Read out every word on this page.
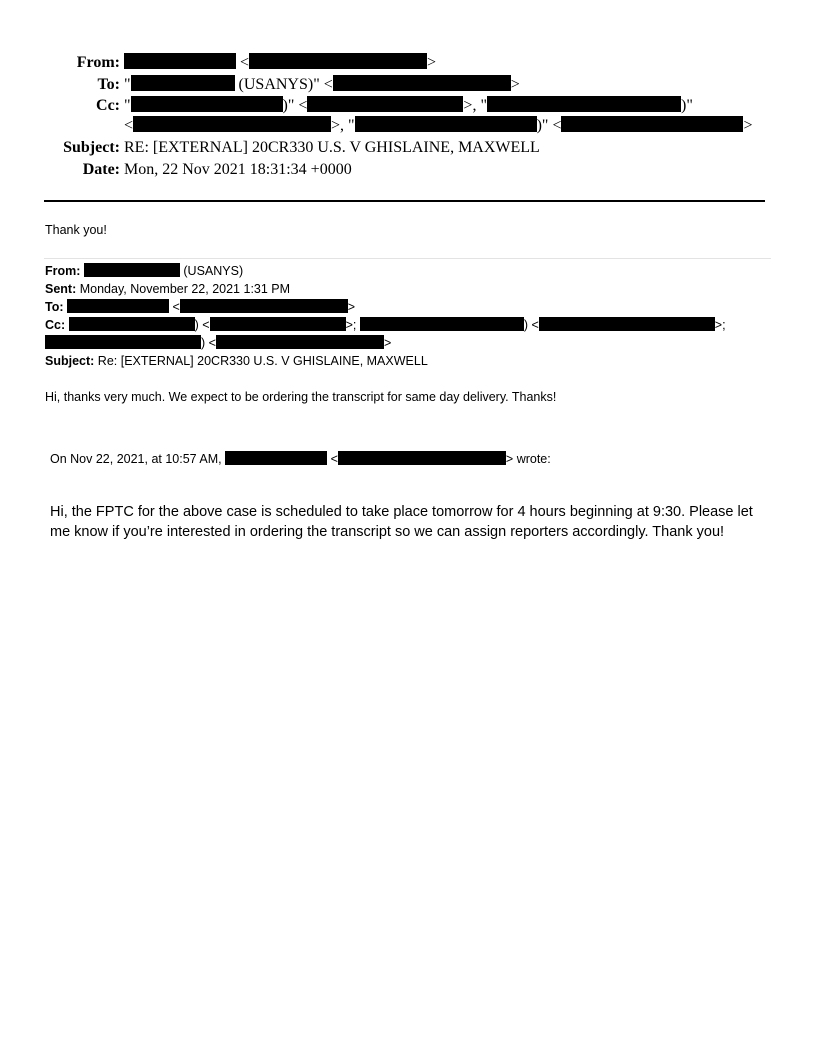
From:	<	>
To: "	(USANYS)" <	>
Cc: "	)" <	>, "	)"
<	>, "	)" <	>
Subject: RE: [EXTERNAL] 20CR330 U.S. V GHISLAINE, MAXWELL
Date: Mon, 22 Nov 2021 18:31:34 +0000
Thank you!
From:	(USANYS)
Sent: Monday, November 22, 2021 1:31 PM
To:	<	>
Cc:	) <	>;	) <	>;
) <	>
Subject: Re: [EXTERNAL] 20CR330 U.S. V GHISLAINE, MAXWELL
Hi, thanks very much. We expect to be ordering the transcript for same day delivery. Thanks!
On Nov 22, 2021, at 10:57 AM,	<	> wrote:
Hi, the FPTC for the above case is scheduled to take place tomorrow for 4 hours beginning at 9:30. Please let
me know if you’re interested in ordering the transcript so we can assign reporters accordingly. Thank you!
